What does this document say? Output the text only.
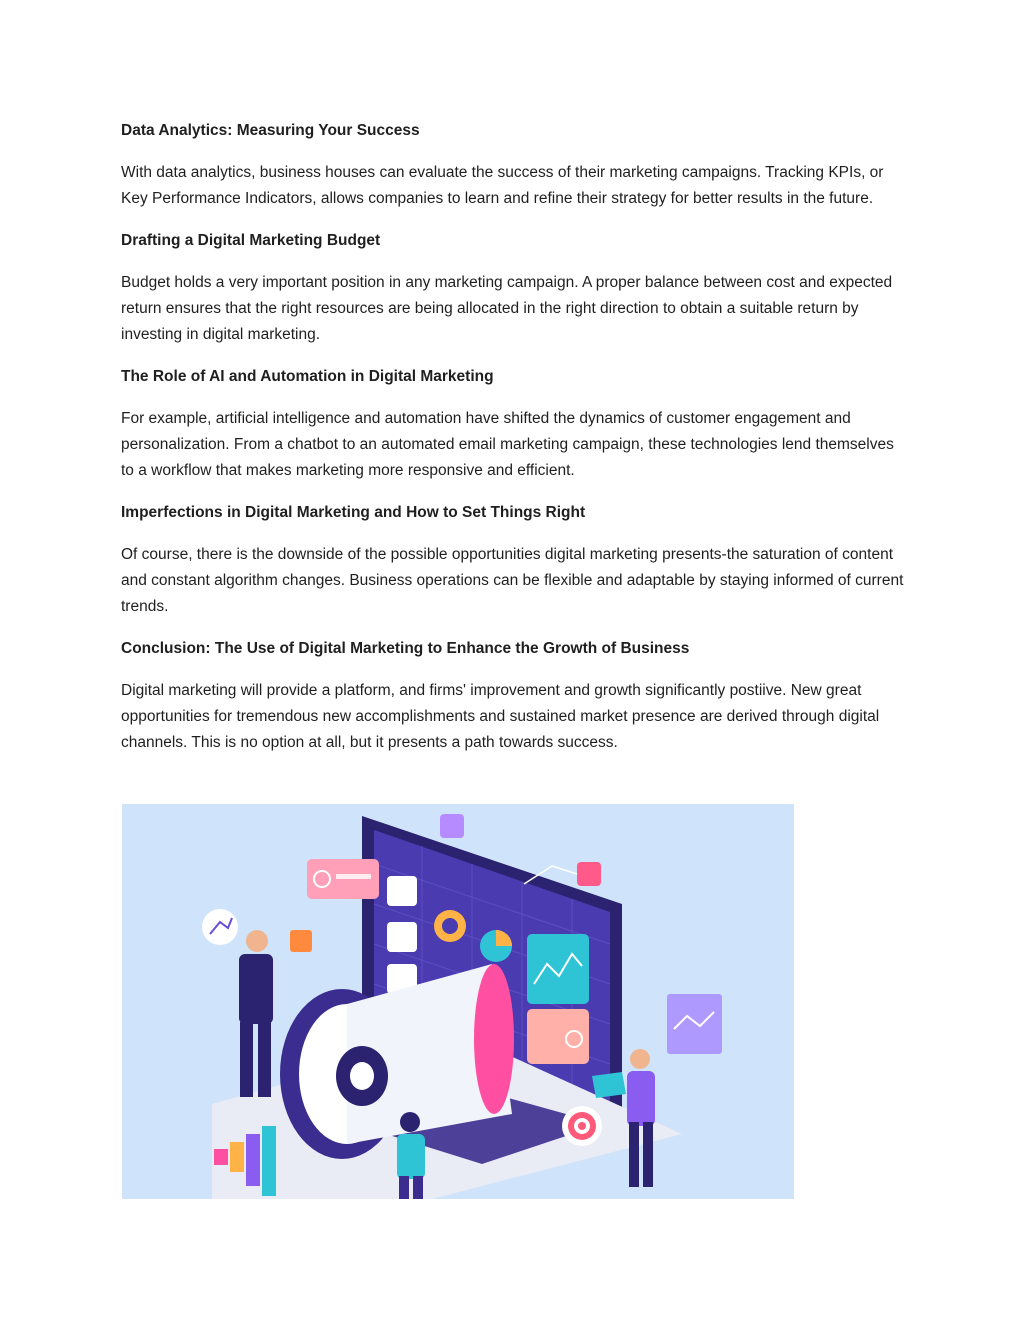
Data Analytics: Measuring Your Success

With data analytics, business houses can evaluate the success of their marketing campaigns. Tracking KPIs, or Key Performance Indicators, allows companies to learn and refine their strategy for better results in the future.

Drafting a Digital Marketing Budget

Budget holds a very important position in any marketing campaign. A proper balance between cost and expected return ensures that the right resources are being allocated in the right direction to obtain a suitable return by investing in digital marketing.

The Role of AI and Automation in Digital Marketing

For example, artificial intelligence and automation have shifted the dynamics of customer engagement and personalization. From a chatbot to an automated email marketing campaign, these technologies lend themselves to a workflow that makes marketing more responsive and efficient.

Imperfections in Digital Marketing and How to Set Things Right

Of course, there is the downside of the possible opportunities digital marketing presents-the saturation of content and constant algorithm changes. Business operations can be flexible and adaptable by staying informed of current trends.

Conclusion: The Use of Digital Marketing to Enhance the Growth of Business

Digital marketing will provide a platform, and firms' improvement and growth significantly postiive. New great opportunities for tremendous new accomplishments and sustained market presence are derived through digital channels. This is no option at all, but it presents a path towards success.
